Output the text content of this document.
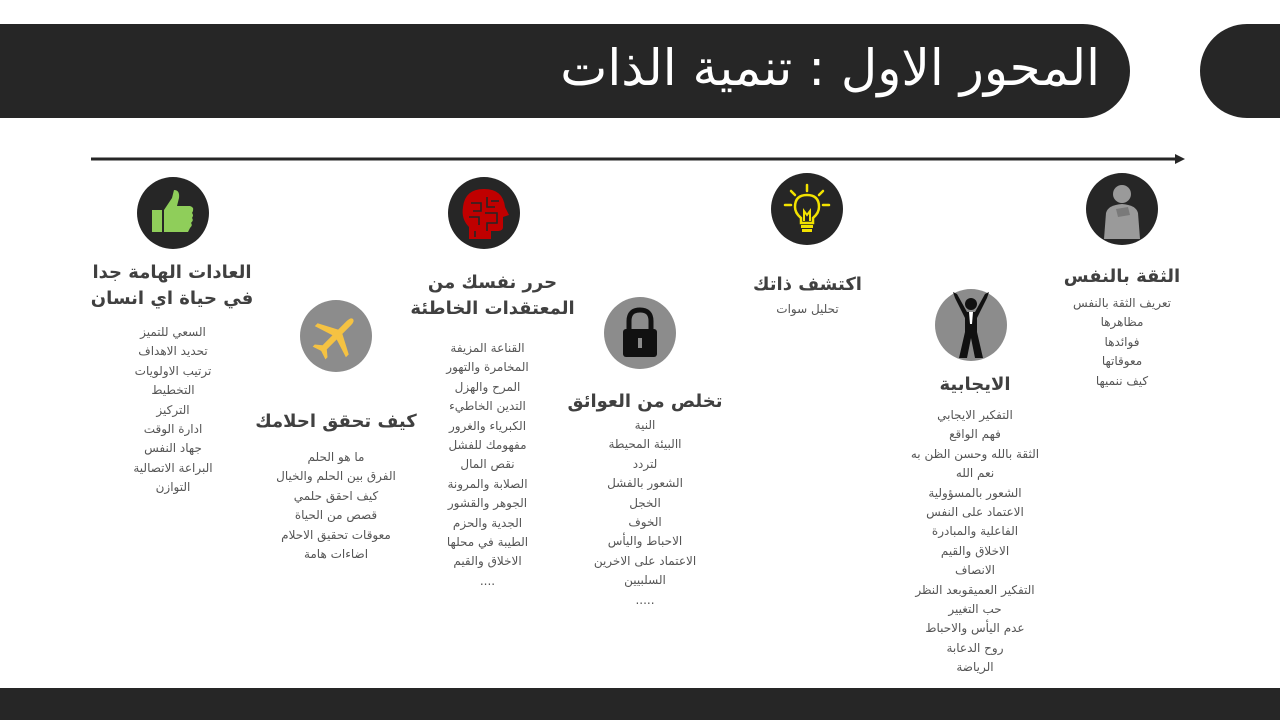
المحور الاول : تنمية الذات
الثقة بالنفس
تعريف الثقة بالنفس
مظاهرها
فوائدها
معوقاتها
كيف ننميها
الايجابية
التفكير الايجابي
فهم الواقع
الثقة بالله وحسن الظن به
نعم الله
الشعور بالمسؤولية
الاعتماد على النفس
الفاعلية والمبادرة
الاخلاق والقيم
الانصاف
التفكير العميقوبعد النظر
حب التغيير
عدم اليأس والاحباط
روح الدعابة
الرياضة
اكتشف ذاتك
تحليل سوات
تخلص من العوائق
النية
االبيئة المحيطة
لتردد
الشعور بالفشل
الخجل
الخوف
الاحباط واليأس
الاعتماد على الاخرين
السلبيين
.....
حرر نفسك من
المعتقدات الخاطئة
القناعة المزيفة
المخامرة والتهور
المرح والهزل
التدين الخاطيء
الكبرياء والغرور
مفهومك للفشل
نقص المال
الصلابة والمرونة
الجوهر والقشور
الجدية والحزم
الطيبة في محلها
الاخلاق والقيم
....
كيف تحقق احلامك
ما هو الحلم
الفرق بين الحلم والخيال
كيف احقق حلمي
قصص من الحياة
معوقات تحقيق الاحلام
اضاءات هامة
العادات الهامة جدا
في حياة اي انسان
السعي للتميز
تحديد الاهداف
ترتيب الاولويات
التخطيط
التركيز
ادارة الوقت
جهاد النفس
البراعة الاتصالية
التوازن
